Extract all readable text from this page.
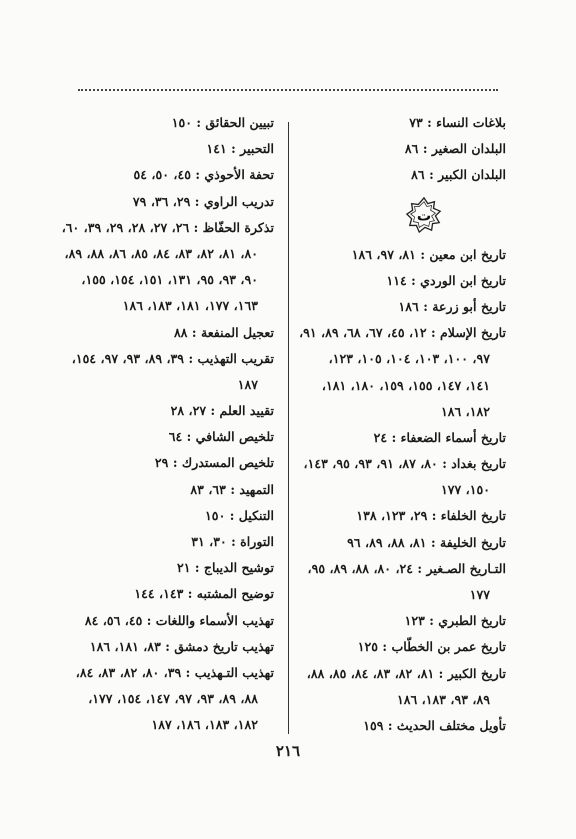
بلاغات النساء : ٧٣
البلدان الصغير : ٨٦
البلدان الكبير : ٨٦
ت
تاريخ ابن معين : ٨١، ٩٧، ١٨٦
تاريخ ابن الوردي : ١١٤
تاريخ أبو زرعة : ١٨٦
تاريخ الإسلام : ١٢، ٤٥، ٦٧، ٦٨، ٨٩، ٩١،
٩٧، ١٠٠، ١٠٣، ١٠٤، ١٠٥، ١٢٣،
١٤١، ١٤٧، ١٥٥، ١٥٩، ١٨٠، ١٨١،
١٨٢، ١٨٦
تاريخ أسماء الضعفاء : ٢٤
تاريخ بغداد : ٨٠، ٨٧، ٩١، ٩٣، ٩٥، ١٤٣،
١٥٠، ١٧٧
تاريخ الخلفاء : ٢٩، ١٢٣، ١٣٨
تاريخ الخليفة : ٨١، ٨٨، ٨٩، ٩٦
التـاريخ الصـغير : ٢٤، ٨٠، ٨٨، ٨٩، ٩٥،
١٧٧
تاريخ الطبري : ١٢٣
تاريخ عمر بن الخطّاب : ١٢٥
تاريخ الكبير : ٨١، ٨٢، ٨٣، ٨٤، ٨٥، ٨٨،
٨٩، ٩٣، ١٨٣، ١٨٦
تأويل مختلف الحديث : ١٥٩
تبيين الحقائق : ١٥٠
التحبير : ١٤١
تحفة الأحوذي : ٤٥، ٥٠، ٥٤
تدريب الراوي : ٢٩، ٣٦، ٧٩
تذكرة الحفّاظ : ٢٦، ٢٧، ٢٨، ٢٩، ٣٩، ٦٠،
٨٠، ٨١، ٨٢، ٨٣، ٨٤، ٨٥، ٨٦، ٨٨، ٨٩،
٩٠، ٩٣، ٩٥، ١٣١، ١٥١، ١٥٤، ١٥٥،
١٦٣، ١٧٧، ١٨١، ١٨٣، ١٨٦
تعجيل المنفعة : ٨٨
تقريب التهذيب : ٣٩، ٨٩، ٩٣، ٩٧، ١٥٤،
١٨٧
تقييد العلم : ٢٧، ٢٨
تلخيص الشافي : ٦٤
تلخيص المستدرك : ٢٩
التمهيد : ٦٣، ٨٣
التنكيل : ١٥٠
التوراة : ٣٠، ٣١
توشيح الديباج : ٢١
توضيح المشتبه : ١٤٣، ١٤٤
تهذيب الأسماء واللغات : ٤٥، ٥٦، ٨٤
تهذيب تاريخ دمشق : ٨٣، ١٨١، ١٨٦
تهذيب التـهذيب : ٣٩، ٨٠، ٨٢، ٨٣، ٨٤،
٨٨، ٨٩، ٩٣، ٩٧، ١٤٧، ١٥٤، ١٧٧،
١٨٢، ١٨٣، ١٨٦، ١٨٧
٢١٦
